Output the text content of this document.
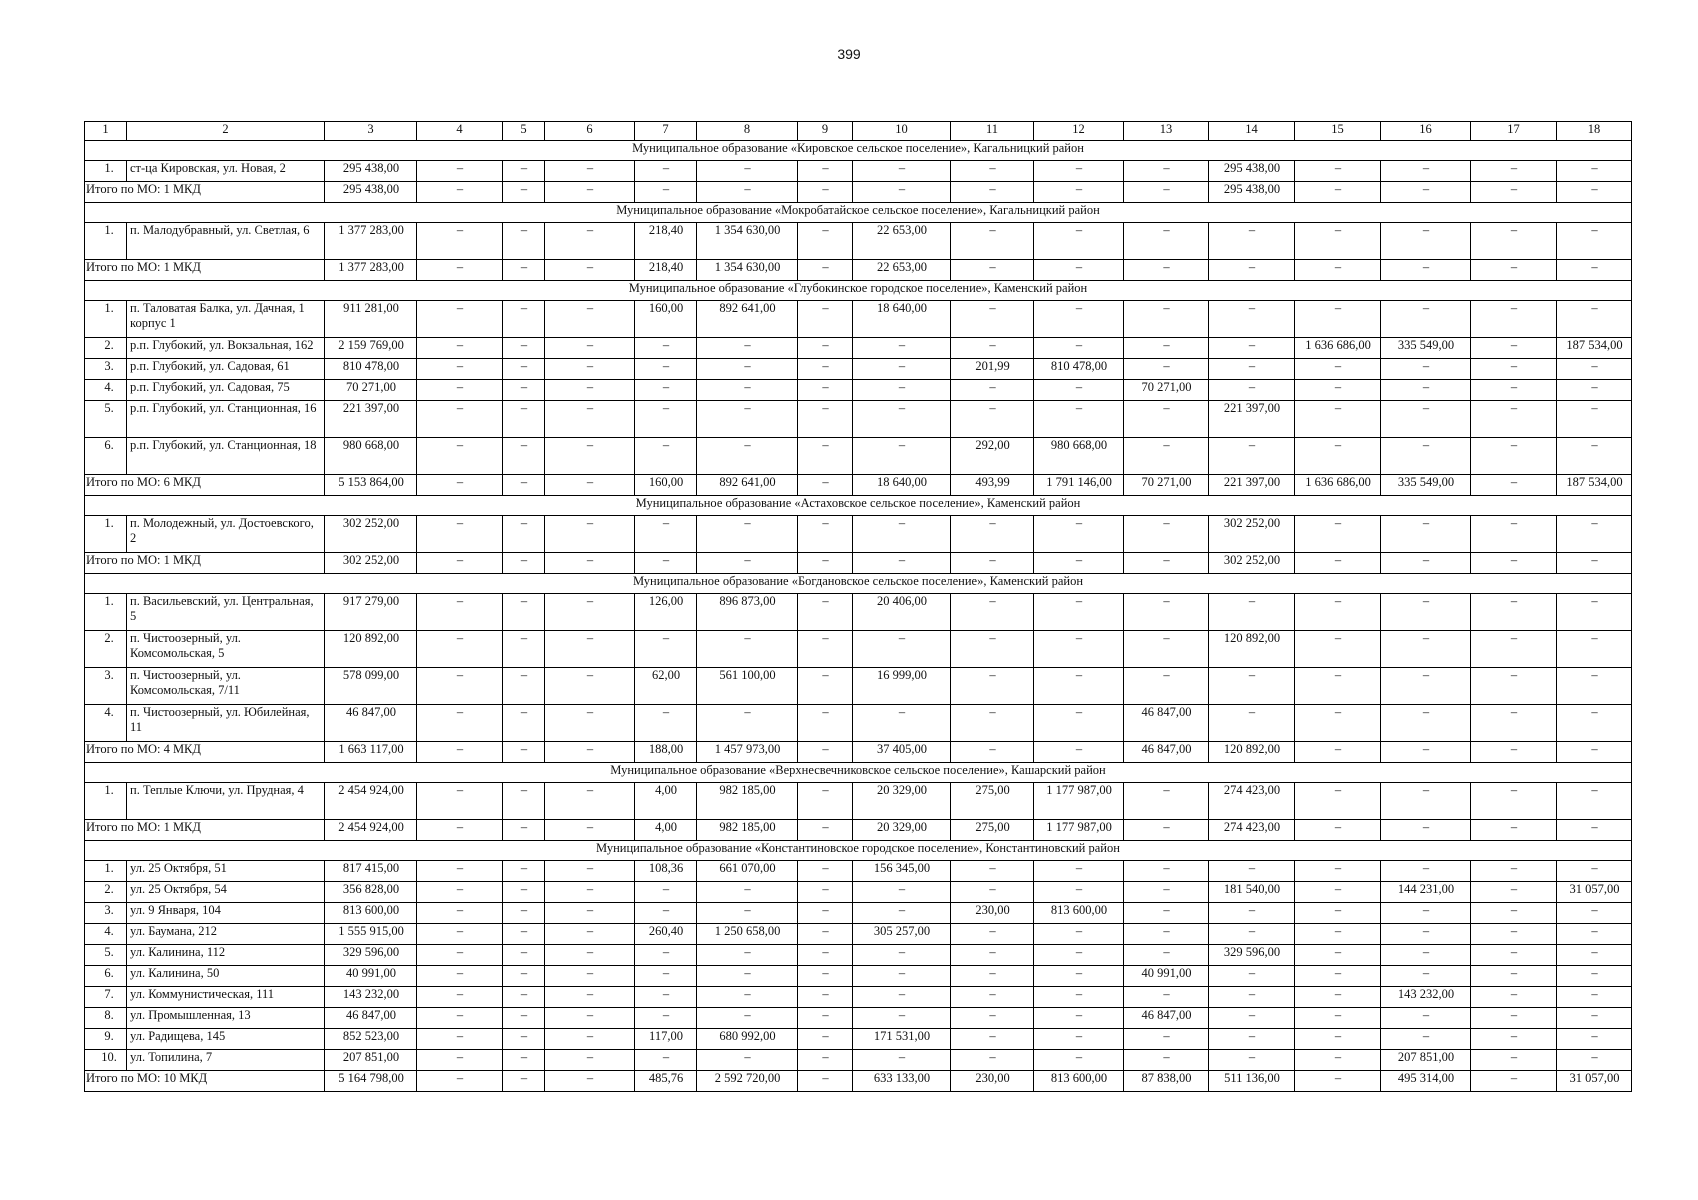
399
1	2	3	4	5	6	7	8	9	10	11	12	13	14	15	16	17	18
Муниципальное образование «Кировское сельское поселение», Кагальницкий район																	
1.	ст-ца Кировская, ул. Новая, 2	295 438,00	–	–	–	–	–	–	–	–	–	–	295 438,00	–	–	–	–
Итого по МО: 1 МКД		295 438,00	–	–	–	–	–	–	–	–	–	–	295 438,00	–	–	–	–
Муниципальное образование «Мокробатайское сельское поселение», Кагальницкий район																	
1.	п. Малодубравный, ул. Светлая, 6	1 377 283,00	–	–	–	218,40	1 354 630,00	–	22 653,00	–	–	–	–	–	–	–	–
Итого по МО: 1 МКД		1 377 283,00	–	–	–	218,40	1 354 630,00	–	22 653,00	–	–	–	–	–	–	–	–
Муниципальное образование «Глубокинское городское поселение», Каменский район																	
1.	п. Таловатая Балка, ул. Дачная, 1 корпус 1	911 281,00	–	–	–	160,00	892 641,00	–	18 640,00	–	–	–	–	–	–	–	–
2.	р.п. Глубокий, ул. Вокзальная, 162	2 159 769,00	–	–	–	–	–	–	–	–	–	–	–	1 636 686,00	335 549,00	–	187 534,00
3.	р.п. Глубокий, ул. Садовая, 61	810 478,00	–	–	–	–	–	–	–	201,99	810 478,00	–	–	–	–	–	–
4.	р.п. Глубокий, ул. Садовая, 75	70 271,00	–	–	–	–	–	–	–	–	–	70 271,00	–	–	–	–	–
5.	р.п. Глубокий, ул. Станционная, 16	221 397,00	–	–	–	–	–	–	–	–	–	–	221 397,00	–	–	–	–
6.	р.п. Глубокий, ул. Станционная, 18	980 668,00	–	–	–	–	–	–	–	292,00	980 668,00	–	–	–	–	–	–
Итого по МО: 6 МКД		5 153 864,00	–	–	–	160,00	892 641,00	–	18 640,00	493,99	1 791 146,00	70 271,00	221 397,00	1 636 686,00	335 549,00	–	187 534,00
Муниципальное образование «Астаховское сельское поселение», Каменский район																	
1.	п. Молодежный, ул. Достоевского, 2	302 252,00	–	–	–	–	–	–	–	–	–	–	302 252,00	–	–	–	–
Итого по МО: 1 МКД		302 252,00	–	–	–	–	–	–	–	–	–	–	302 252,00	–	–	–	–
Муниципальное образование «Богдановское сельское поселение», Каменский район																	
1.	п. Васильевский, ул. Центральная, 5	917 279,00	–	–	–	126,00	896 873,00	–	20 406,00	–	–	–	–	–	–	–	–
2.	п. Чистоозерный, ул. Комсомольская, 5	120 892,00	–	–	–	–	–	–	–	–	–	–	120 892,00	–	–	–	–
3.	п. Чистоозерный, ул. Комсомольская, 7/11	578 099,00	–	–	–	62,00	561 100,00	–	16 999,00	–	–	–	–	–	–	–	–
4.	п. Чистоозерный, ул. Юбилейная, 11	46 847,00	–	–	–	–	–	–	–	–	–	46 847,00	–	–	–	–	–
Итого по МО: 4 МКД		1 663 117,00	–	–	–	188,00	1 457 973,00	–	37 405,00	–	–	46 847,00	120 892,00	–	–	–	–
Муниципальное образование «Верхнесвечниковское сельское поселение», Кашарский район																	
1.	п. Теплые Ключи, ул. Прудная, 4	2 454 924,00	–	–	–	4,00	982 185,00	–	20 329,00	275,00	1 177 987,00	–	274 423,00	–	–	–	–
Итого по МО: 1 МКД		2 454 924,00	–	–	–	4,00	982 185,00	–	20 329,00	275,00	1 177 987,00	–	274 423,00	–	–	–	–
Муниципальное образование «Константиновское городское поселение», Константиновский район																	
1.	ул. 25 Октября, 51	817 415,00	–	–	–	108,36	661 070,00	–	156 345,00	–	–	–	–	–	–	–	–
2.	ул. 25 Октября, 54	356 828,00	–	–	–	–	–	–	–	–	–	–	181 540,00	–	144 231,00	–	31 057,00
3.	ул. 9 Января, 104	813 600,00	–	–	–	–	–	–	–	230,00	813 600,00	–	–	–	–	–	–
4.	ул. Баумана, 212	1 555 915,00	–	–	–	260,40	1 250 658,00	–	305 257,00	–	–	–	–	–	–	–	–
5.	ул. Калинина, 112	329 596,00	–	–	–	–	–	–	–	–	–	–	329 596,00	–	–	–	–
6.	ул. Калинина, 50	40 991,00	–	–	–	–	–	–	–	–	–	40 991,00	–	–	–	–	–
7.	ул. Коммунистическая, 111	143 232,00	–	–	–	–	–	–	–	–	–	–	–	–	143 232,00	–	–
8.	ул. Промышленная, 13	46 847,00	–	–	–	–	–	–	–	–	–	46 847,00	–	–	–	–	–
9.	ул. Радищева, 145	852 523,00	–	–	–	117,00	680 992,00	–	171 531,00	–	–	–	–	–	–	–	–
10.	ул. Топилина, 7	207 851,00	–	–	–	–	–	–	–	–	–	–	–	–	207 851,00	–	–
Итого по МО: 10 МКД		5 164 798,00	–	–	–	485,76	2 592 720,00	–	633 133,00	230,00	813 600,00	87 838,00	511 136,00	–	495 314,00	–	31 057,00
